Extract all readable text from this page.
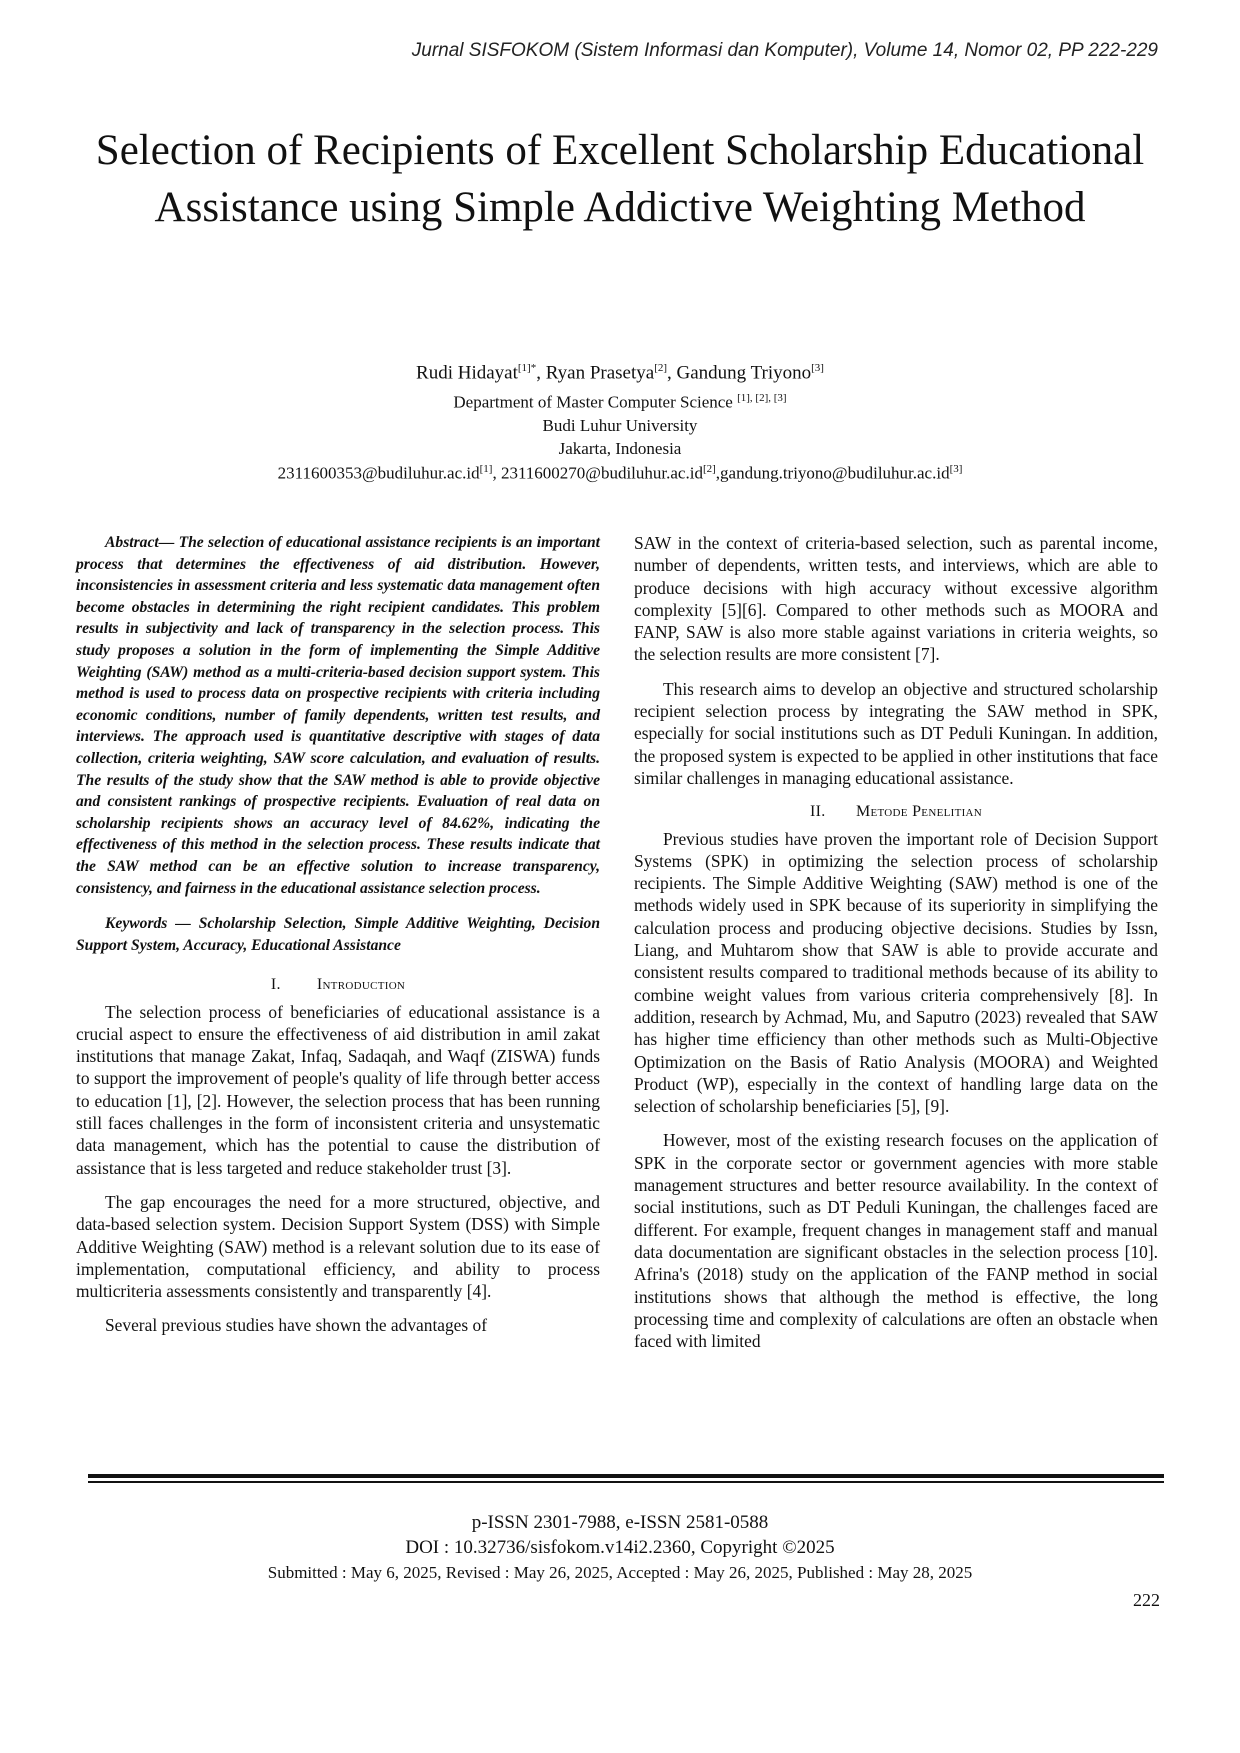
Jurnal SISFOKOM (Sistem Informasi dan Komputer), Volume 14, Nomor 02, PP 222-229
Selection of Recipients of Excellent Scholarship Educational Assistance using Simple Addictive Weighting Method
Rudi Hidayat$^{[1]*}$, Ryan Prasetya[2], Gandung Triyono[3]
Department of Master Computer Science [1], [2], [3]
Budi Luhur University
Jakarta, Indonesia
2311600353@budiluhur.ac.id[1], 2311600270@budiluhur.ac.id[2],gandung.triyono@budiluhur.ac.id[3]

Abstract— The selection of educational assistance recipients is an important process that determines the effectiveness of aid distribution. However, inconsistencies in assessment criteria and less systematic data management often become obstacles in determining the right recipient candidates. This problem results in subjectivity and lack of transparency in the selection process. This study proposes a solution in the form of implementing the Simple Additive Weighting (SAW) method as a multi-criteria-based decision support system. This method is used to process data on prospective recipients with criteria including economic conditions, number of family dependents, written test results, and interviews. The approach used is quantitative descriptive with stages of data collection, criteria weighting, SAW score calculation, and evaluation of results. The results of the study show that the SAW method is able to provide objective and consistent rankings of prospective recipients. Evaluation of real data on scholarship recipients shows an accuracy level of 84.62%, indicating the effectiveness of this method in the selection process. These results indicate that the SAW method can be an effective solution to increase transparency, consistency, and fairness in the educational assistance selection process.

Keywords — Scholarship Selection, Simple Additive Weighting, Decision Support System, Accuracy, Educational Assistance

I. Introduction

The selection process of beneficiaries of educational assistance is a crucial aspect to ensure the effectiveness of aid distribution in amil zakat institutions that manage Zakat, Infaq, Sadaqah, and Waqf (ZISWA) funds to support the improvement of people's quality of life through better access to education [1], [2]. However, the selection process that has been running still faces challenges in the form of inconsistent criteria and unsystematic data management, which has the potential to cause the distribution of assistance that is less targeted and reduce stakeholder trust [3].

The gap encourages the need for a more structured, objective, and data-based selection system. Decision Support System (DSS) with Simple Additive Weighting (SAW) method is a relevant solution due to its ease of implementation, computational efficiency, and ability to process multicriteria assessments consistently and transparently [4].

Several previous studies have shown the advantages of

SAW in the context of criteria-based selection, such as parental income, number of dependents, written tests, and interviews, which are able to produce decisions with high accuracy without excessive algorithm complexity [5][6]. Compared to other methods such as MOORA and FANP, SAW is also more stable against variations in criteria weights, so the selection results are more consistent [7].

This research aims to develop an objective and structured scholarship recipient selection process by integrating the SAW method in SPK, especially for social institutions such as DT Peduli Kuningan. In addition, the proposed system is expected to be applied in other institutions that face similar challenges in managing educational assistance.

II. Metode Penelitian

Previous studies have proven the important role of Decision Support Systems (SPK) in optimizing the selection process of scholarship recipients. The Simple Additive Weighting (SAW) method is one of the methods widely used in SPK because of its superiority in simplifying the calculation process and producing objective decisions. Studies by Issn, Liang, and Muhtarom show that SAW is able to provide accurate and consistent results compared to traditional methods because of its ability to combine weight values from various criteria comprehensively [8]. In addition, research by Achmad, Mu, and Saputro (2023) revealed that SAW has higher time efficiency than other methods such as Multi-Objective Optimization on the Basis of Ratio Analysis (MOORA) and Weighted Product (WP), especially in the context of handling large data on the selection of scholarship beneficiaries [5], [9].

However, most of the existing research focuses on the application of SPK in the corporate sector or government agencies with more stable management structures and better resource availability. In the context of social institutions, such as DT Peduli Kuningan, the challenges faced are different. For example, frequent changes in management staff and manual data documentation are significant obstacles in the selection process [10]. Afrina's (2018) study on the application of the FANP method in social institutions shows that although the method is effective, the long processing time and complexity of calculations are often an obstacle when faced with limited

p-ISSN 2301-7988, e-ISSN 2581-0588
DOI : 10.32736/sisfokom.v14i2.2360, Copyright ©2025
Submitted : May 6, 2025, Revised : May 26, 2025, Accepted : May 26, 2025, Published : May 28, 2025
222
